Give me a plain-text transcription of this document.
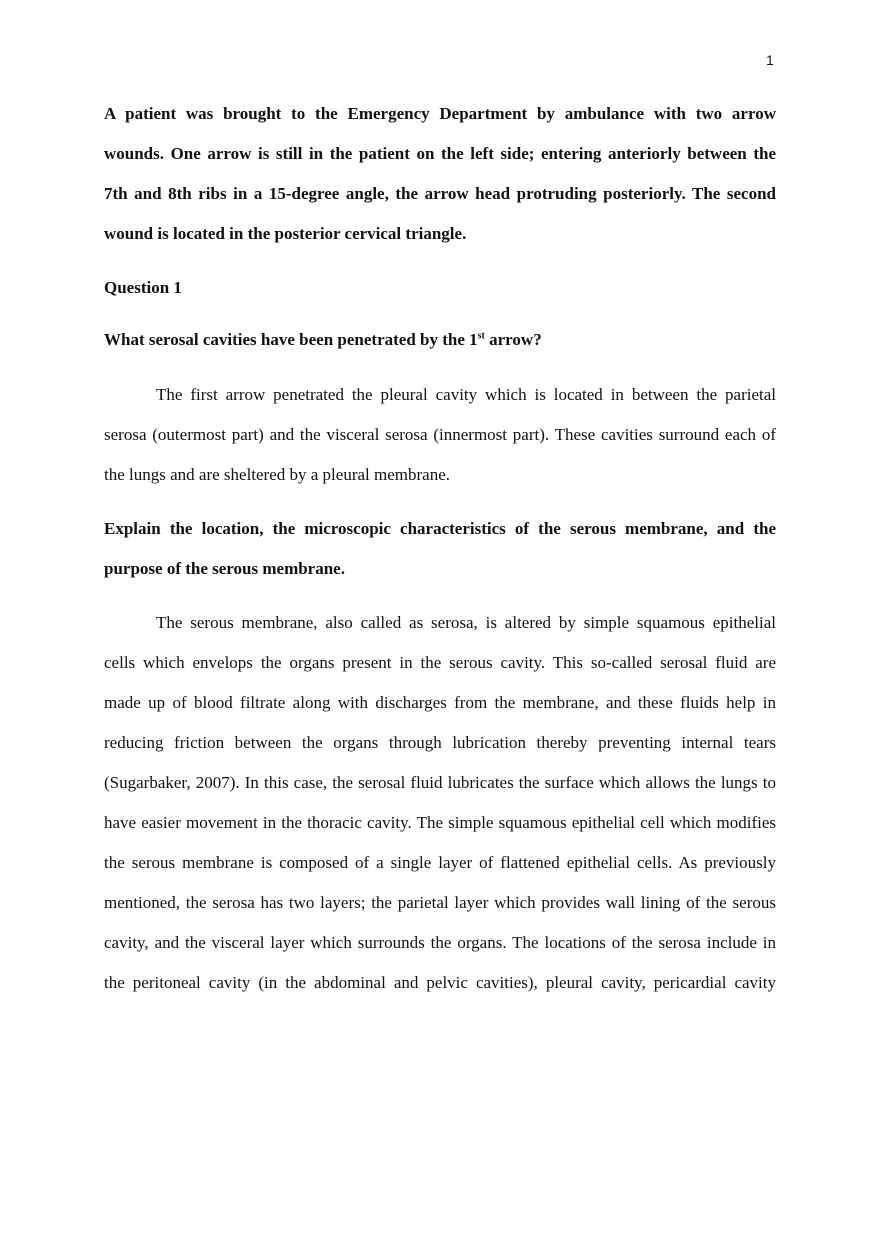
1
A patient was brought to the Emergency Department by ambulance with two arrow
wounds. One arrow is still in the patient on the left side; entering anteriorly between the
7th and 8th ribs in a 15-degree angle, the arrow head protruding posteriorly. The second
wound is located in the posterior cervical triangle.
Question 1
What serosal cavities have been penetrated by the 1st arrow?
The first arrow penetrated the pleural cavity which is located in between the parietal
serosa (outermost part) and the visceral serosa (innermost part). These cavities surround each of
the lungs and are sheltered by a pleural membrane.
Explain the location, the microscopic characteristics of the serous membrane, and the
purpose of the serous membrane.
The serous membrane, also called as serosa, is altered by simple squamous epithelial
cells which envelops the organs present in the serous cavity. This so-called serosal fluid are
made up of blood filtrate along with discharges from the membrane, and these fluids help in
reducing friction between the organs through lubrication thereby preventing internal tears
(Sugarbaker, 2007). In this case, the serosal fluid lubricates the surface which allows the lungs to
have easier movement in the thoracic cavity. The simple squamous epithelial cell which modifies
the serous membrane is composed of a single layer of flattened epithelial cells. As previously
mentioned, the serosa has two layers; the parietal layer which provides wall lining of the serous
cavity, and the visceral layer which surrounds the organs. The locations of the serosa include in
the peritoneal cavity (in the abdominal and pelvic cavities), pleural cavity, pericardial cavity
